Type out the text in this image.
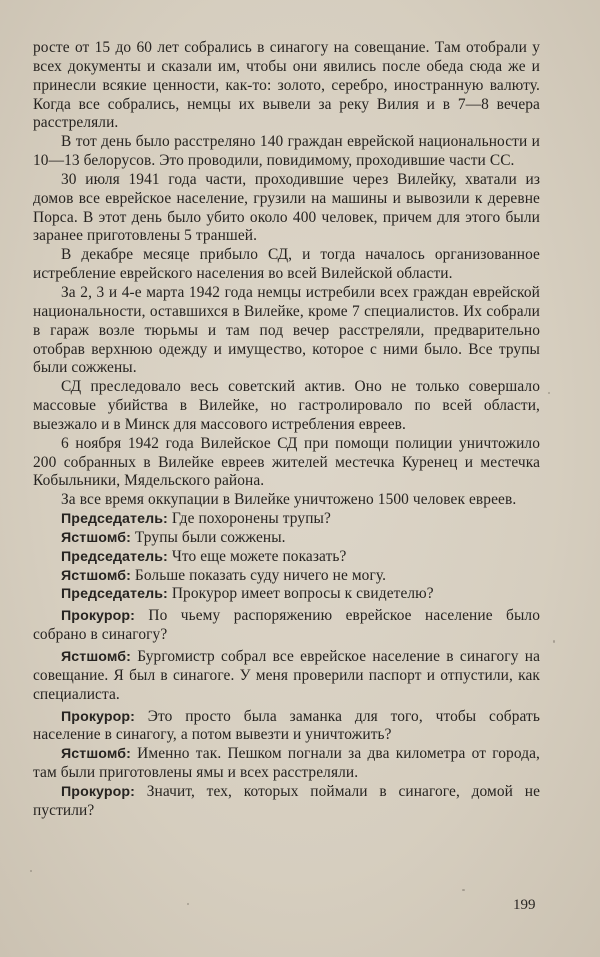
росте от 15 до 60 лет собрались в синагогу на совещание. Там отобрали у всех документы и сказали им, чтобы они явились после обеда сюда же и принесли всякие ценности, как-то: золото, серебро, иностранную валюту. Когда все собрались, немцы их вывели за реку Вилия и в 7—8 вечера расстреляли.

В тот день было расстреляно 140 граждан еврейской национальности и 10—13 белорусов. Это проводили, повидимому, проходившие части СС.

30 июля 1941 года части, проходившие через Вилейку, хватали из домов все еврейское население, грузили на машины и вывозили к деревне Порса. В этот день было убито около 400 человек, причем для этого были заранее приготовлены 5 траншей.

В декабре месяце прибыло СД, и тогда началось организованное истребление еврейского населения во всей Вилейской области.

За 2, 3 и 4-е марта 1942 года немцы истребили всех граждан еврейской национальности, оставшихся в Вилейке, кроме 7 специалистов. Их собрали в гараж возле тюрьмы и там под вечер расстреляли, предварительно отобрав верхнюю одежду и имущество, которое с ними было. Все трупы были сожжены.

СД преследовало весь советский актив. Оно не только совершало массовые убийства в Вилейке, но гастролировало по всей области, выезжало и в Минск для массового истребления евреев.

6 ноября 1942 года Вилейское СД при помощи полиции уничтожило 200 собранных в Вилейке евреев жителей местечка Куренец и местечка Кобыльники, Мядельского района.

За все время оккупации в Вилейке уничтожено 1500 человек евреев.

Председатель: Где похоронены трупы?

Ястшомб: Трупы были сожжены.

Председатель: Что еще можете показать?

Ястшомб: Больше показать суду ничего не могу.

Председатель: Прокурор имеет вопросы к свидетелю?

Прокурор: По чьему распоряжению еврейское население было собрано в синагогу?

Ястшомб: Бургомистр собрал все еврейское население в синагогу на совещание. Я был в синагоге. У меня проверили паспорт и отпустили, как специалиста.

Прокурор: Это просто была заманка для того, чтобы собрать население в синагогу, а потом вывезти и уничтожить?

Ястшомб: Именно так. Пешком погнали за два километра от города, там были приготовлены ямы и всех расстреляли.

Прокурор: Значит, тех, которых поймали в синагоге, домой не пустили?

199
